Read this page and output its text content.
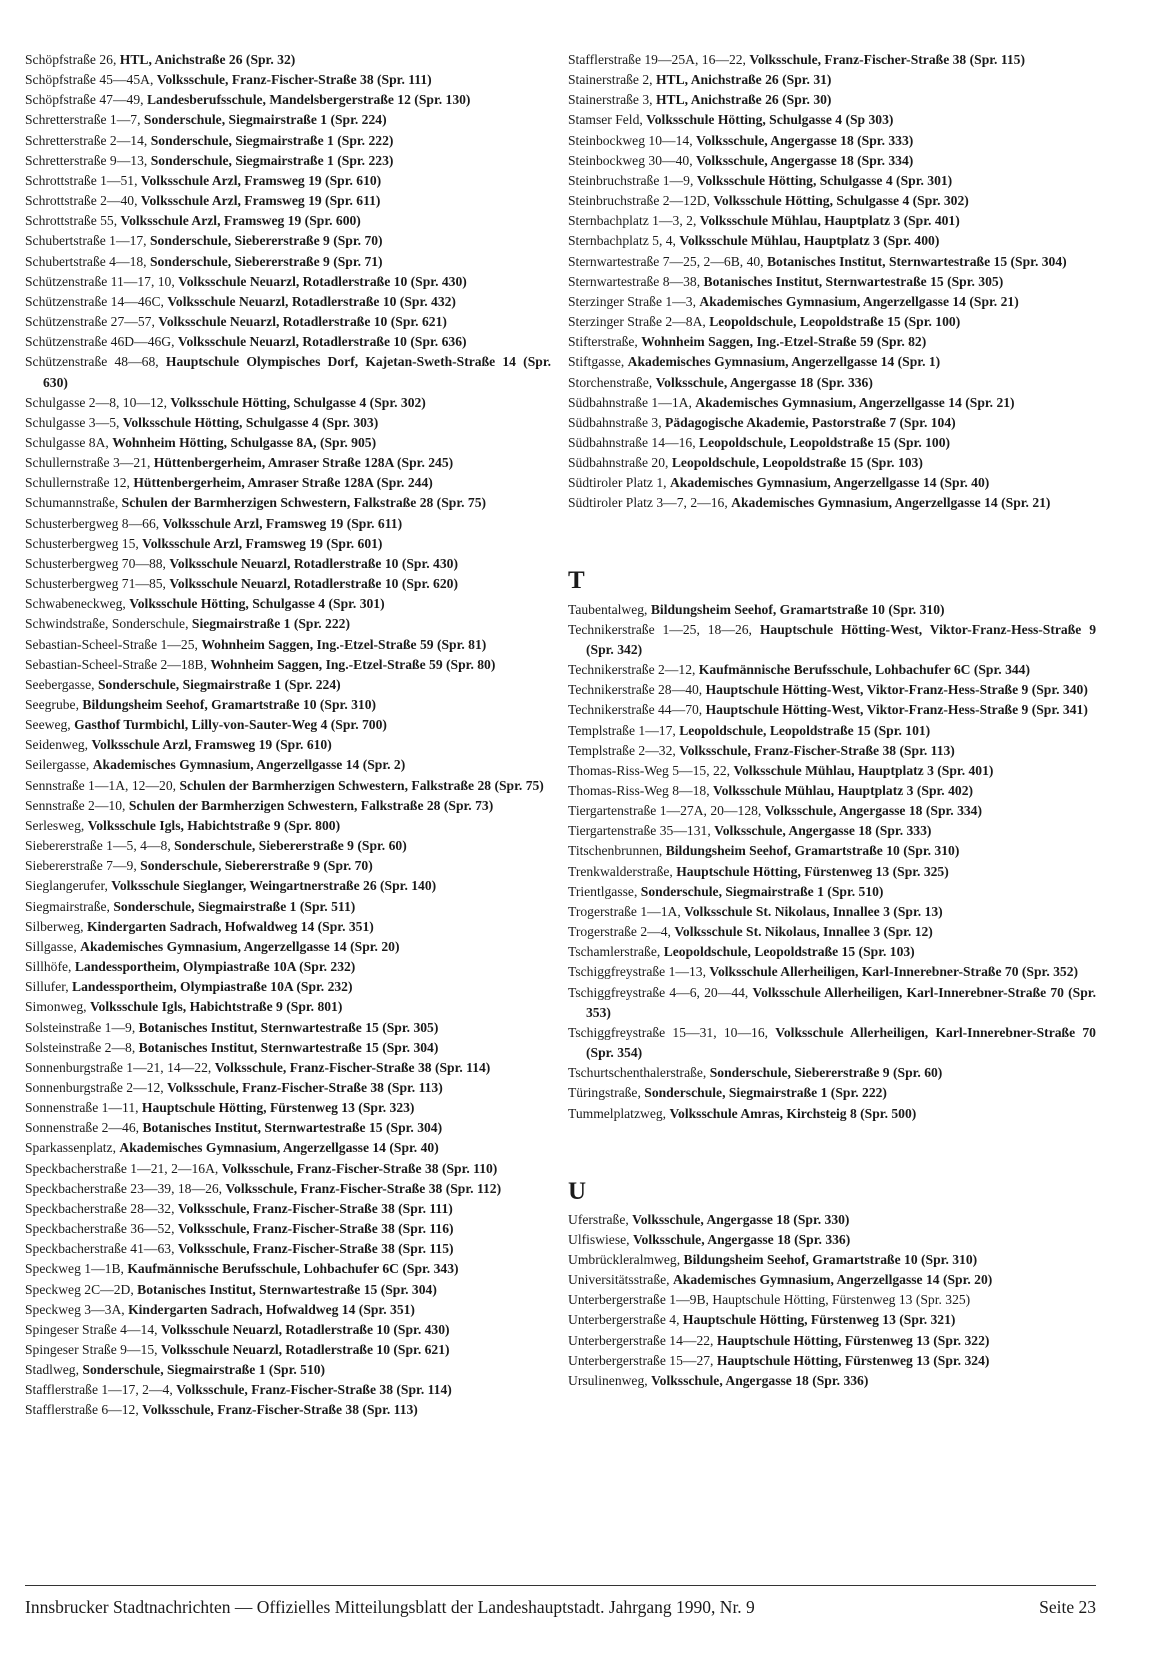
Schöpfstraße 26, HTL, Anichstraße 26 (Spr. 32)
Schöpfstraße 45—45A, Volksschule, Franz-Fischer-Straße 38 (Spr. 111)
Schöpfstraße 47—49, Landesberufsschule, Mandelsbergerstraße 12 (Spr. 130)
Schretterstraße 1—7, Sonderschule, Siegmairstraße 1 (Spr. 224)
Schretterstraße 2—14, Sonderschule, Siegmairstraße 1 (Spr. 222)
Schretterstraße 9—13, Sonderschule, Siegmairstraße 1 (Spr. 223)
Schrottstraße 1—51, Volksschule Arzl, Framsweg 19 (Spr. 610)
Schrottstraße 2—40, Volksschule Arzl, Framsweg 19 (Spr. 611)
Schrottstraße 55, Volksschule Arzl, Framsweg 19 (Spr. 600)
Schubertstraße 1—17, Sonderschule, Siebererstraße 9 (Spr. 70)
Schubertstraße 4—18, Sonderschule, Siebererstraße 9 (Spr. 71)
Schützenstraße 11—17, 10, Volksschule Neuarzl, Rotadlerstraße 10 (Spr. 430)
Schützenstraße 14—46C, Volksschule Neuarzl, Rotadlerstraße 10 (Spr. 432)
Schützenstraße 27—57, Volksschule Neuarzl, Rotadlerstraße 10 (Spr. 621)
Schützenstraße 46D—46G, Volksschule Neuarzl, Rotadlerstraße 10 (Spr. 636)
Schützenstraße 48—68, Hauptschule Olympisches Dorf, Kajetan-Sweth-Straße 14 (Spr. 630)
Schulgasse 2—8, 10—12, Volksschule Hötting, Schulgasse 4 (Spr. 302)
Schulgasse 3—5, Volksschule Hötting, Schulgasse 4 (Spr. 303)
Schulgasse 8A, Wohnheim Hötting, Schulgasse 8A, (Spr. 905)
Schullernstraße 3—21, Hüttenbergerheim, Amraser Straße 128A (Spr. 245)
Schullernstraße 12, Hüttenbergerheim, Amraser Straße 128A (Spr. 244)
Schumannstraße, Schulen der Barmherzigen Schwestern, Falkstraße 28 (Spr. 75)
Schusterbergweg 8—66, Volksschule Arzl, Framsweg 19 (Spr. 611)
Schusterbergweg 15, Volksschule Arzl, Framsweg 19 (Spr. 601)
Schusterbergweg 70—88, Volksschule Neuarzl, Rotadlerstraße 10 (Spr. 430)
Schusterbergweg 71—85, Volksschule Neuarzl, Rotadlerstraße 10 (Spr. 620)
Schwabeneckweg, Volksschule Hötting, Schulgasse 4 (Spr. 301)
Schwindstraße, Sonderschule, Siegmairstraße 1 (Spr. 222)
Sebastian-Scheel-Straße 1—25, Wohnheim Saggen, Ing.-Etzel-Straße 59 (Spr. 81)
Sebastian-Scheel-Straße 2—18B, Wohnheim Saggen, Ing.-Etzel-Straße 59 (Spr. 80)
Seebergasse, Sonderschule, Siegmairstraße 1 (Spr. 224)
Seegrube, Bildungsheim Seehof, Gramartstraße 10 (Spr. 310)
Seeweg, Gasthof Turmbichl, Lilly-von-Sauter-Weg 4 (Spr. 700)
Seidenweg, Volksschule Arzl, Framsweg 19 (Spr. 610)
Seilergasse, Akademisches Gymnasium, Angerzellgasse 14 (Spr. 2)
Sennstraße 1—1A, 12—20, Schulen der Barmherzigen Schwestern, Falkstraße 28 (Spr. 75)
Sennstraße 2—10, Schulen der Barmherzigen Schwestern, Falkstraße 28 (Spr. 73)
Serlesweg, Volksschule Igls, Habichtstraße 9 (Spr. 800)
Siebererstraße 1—5, 4—8, Sonderschule, Siebererstraße 9 (Spr. 60)
Siebererstraße 7—9, Sonderschule, Siebererstraße 9 (Spr. 70)
Sieglangerufer, Volksschule Sieglanger, Weingartnerstraße 26 (Spr. 140)
Siegmairstraße, Sonderschule, Siegmairstraße 1 (Spr. 511)
Silberweg, Kindergarten Sadrach, Hofwaldweg 14 (Spr. 351)
Sillgasse, Akademisches Gymnasium, Angerzellgasse 14 (Spr. 20)
Sillhöfe, Landessportheim, Olympiastraße 10A (Spr. 232)
Sillufer, Landessportheim, Olympiastraße 10A (Spr. 232)
Simonweg, Volksschule Igls, Habichtstraße 9 (Spr. 801)
Solsteinstraße 1—9, Botanisches Institut, Sternwartestraße 15 (Spr. 305)
Solsteinstraße 2—8, Botanisches Institut, Sternwartestraße 15 (Spr. 304)
Sonnenburgstraße 1—21, 14—22, Volksschule, Franz-Fischer-Straße 38 (Spr. 114)
Sonnenburgstraße 2—12, Volksschule, Franz-Fischer-Straße 38 (Spr. 113)
Sonnenstraße 1—11, Hauptschule Hötting, Fürstenweg 13 (Spr. 323)
Sonnenstraße 2—46, Botanisches Institut, Sternwartestraße 15 (Spr. 304)
Sparkassenplatz, Akademisches Gymnasium, Angerzellgasse 14 (Spr. 40)
Speckbacherstraße 1—21, 2—16A, Volksschule, Franz-Fischer-Straße 38 (Spr. 110)
Speckbacherstraße 23—39, 18—26, Volksschule, Franz-Fischer-Straße 38 (Spr. 112)
Speckbacherstraße 28—32, Volksschule, Franz-Fischer-Straße 38 (Spr. 111)
Speckbacherstraße 36—52, Volksschule, Franz-Fischer-Straße 38 (Spr. 116)
Speckbacherstraße 41—63, Volksschule, Franz-Fischer-Straße 38 (Spr. 115)
Speckweg 1—1B, Kaufmännische Berufsschule, Lohbachufer 6C (Spr. 343)
Speckweg 2C—2D, Botanisches Institut, Sternwartestraße 15 (Spr. 304)
Speckweg 3—3A, Kindergarten Sadrach, Hofwaldweg 14 (Spr. 351)
Spingeser Straße 4—14, Volksschule Neuarzl, Rotadlerstraße 10 (Spr. 430)
Spingeser Straße 9—15, Volksschule Neuarzl, Rotadlerstraße 10 (Spr. 621)
Stadlweg, Sonderschule, Siegmairstraße 1 (Spr. 510)
Stafflerstraße 1—17, 2—4, Volksschule, Franz-Fischer-Straße 38 (Spr. 114)
Stafflerstraße 6—12, Volksschule, Franz-Fischer-Straße 38 (Spr. 113)
Stafflerstraße 19—25A, 16—22, Volksschule, Franz-Fischer-Straße 38 (Spr. 115)
Stainerstraße 2, HTL, Anichstraße 26 (Spr. 31)
Stainerstraße 3, HTL, Anichstraße 26 (Spr. 30)
Stamser Feld, Volksschule Hötting, Schulgasse 4 (Sp 303)
Steinbockweg 10—14, Volksschule, Angergasse 18 (Spr. 333)
Steinbockweg 30—40, Volksschule, Angergasse 18 (Spr. 334)
Steinbruchstraße 1—9, Volksschule Hötting, Schulgasse 4 (Spr. 301)
Steinbruchstraße 2—12D, Volksschule Hötting, Schulgasse 4 (Spr. 302)
Sternbachplatz 1—3, 2, Volksschule Mühlau, Hauptplatz 3 (Spr. 401)
Sternbachplatz 5, 4, Volksschule Mühlau, Hauptplatz 3 (Spr. 400)
Sternwartestraße 7—25, 2—6B, 40, Botanisches Institut, Sternwartestraße 15 (Spr. 304)
Sternwartestraße 8—38, Botanisches Institut, Sternwartestraße 15 (Spr. 305)
Sterzinger Straße 1—3, Akademisches Gymnasium, Angerzellgasse 14 (Spr. 21)
Sterzinger Straße 2—8A, Leopoldschule, Leopoldstraße 15 (Spr. 100)
Stifterstraße, Wohnheim Saggen, Ing.-Etzel-Straße 59 (Spr. 82)
Stiftgasse, Akademisches Gymnasium, Angerzellgasse 14 (Spr. 1)
Storchenstraße, Volksschule, Angergasse 18 (Spr. 336)
Südbahnstraße 1—1A, Akademisches Gymnasium, Angerzellgasse 14 (Spr. 21)
Südbahnstraße 3, Pädagogische Akademie, Pastorstraße 7 (Spr. 104)
Südbahnstraße 14—16, Leopoldschule, Leopoldstraße 15 (Spr. 100)
Südbahnstraße 20, Leopoldschule, Leopoldstraße 15 (Spr. 103)
Südtiroler Platz 1, Akademisches Gymnasium, Angerzellgasse 14 (Spr. 40)
Südtiroler Platz 3—7, 2—16, Akademisches Gymnasium, Angerzellgasse 14 (Spr. 21)
T
Taubentalweg, Bildungsheim Seehof, Gramartstraße 10 (Spr. 310)
Technikerstraße 1—25, 18—26, Hauptschule Hötting-West, Viktor-Franz-Hess-Straße 9 (Spr. 342)
Technikerstraße 2—12, Kaufmännische Berufsschule, Lohbachufer 6C (Spr. 344)
Technikerstraße 28—40, Hauptschule Hötting-West, Viktor-Franz-Hess-Straße 9 (Spr. 340)
Technikerstraße 44—70, Hauptschule Hötting-West, Viktor-Franz-Hess-Straße 9 (Spr. 341)
Templstraße 1—17, Leopoldschule, Leopoldstraße 15 (Spr. 101)
Templstraße 2—32, Volksschule, Franz-Fischer-Straße 38 (Spr. 113)
Thomas-Riss-Weg 5—15, 22, Volksschule Mühlau, Hauptplatz 3 (Spr. 401)
Thomas-Riss-Weg 8—18, Volksschule Mühlau, Hauptplatz 3 (Spr. 402)
Tiergartenstraße 1—27A, 20—128, Volksschule, Angergasse 18 (Spr. 334)
Tiergartenstraße 35—131, Volksschule, Angergasse 18 (Spr. 333)
Titschenbrunnen, Bildungsheim Seehof, Gramartstraße 10 (Spr. 310)
Trenkwalderstraße, Hauptschule Hötting, Fürstenweg 13 (Spr. 325)
Trientlgasse, Sonderschule, Siegmairstraße 1 (Spr. 510)
Trogerstraße 1—1A, Volksschule St. Nikolaus, Innallee 3 (Spr. 13)
Trogerstraße 2—4, Volksschule St. Nikolaus, Innallee 3 (Spr. 12)
Tschamlerstraße, Leopoldschule, Leopoldstraße 15 (Spr. 103)
Tschiggfreystraße 1—13, Volksschule Allerheiligen, Karl-Innerebner-Straße 70 (Spr. 352)
Tschiggfreystraße 4—6, 20—44, Volksschule Allerheiligen, Karl-Innerebner-Straße 70 (Spr. 353)
Tschiggfreystraße 15—31, 10—16, Volksschule Allerheiligen, Karl-Innerebner-Straße 70 (Spr. 354)
Tschurtschenthalerstraße, Sonderschule, Siebererstraße 9 (Spr. 60)
Türingstraße, Sonderschule, Siegmairstraße 1 (Spr. 222)
Tummelplatzweg, Volksschule Amras, Kirchsteig 8 (Spr. 500)
U
Uferstraße, Volksschule, Angergasse 18 (Spr. 330)
Ulfiswiese, Volksschule, Angergasse 18 (Spr. 336)
Umbrückleralmweg, Bildungsheim Seehof, Gramartstraße 10 (Spr. 310)
Universitätsstraße, Akademisches Gymnasium, Angerzellgasse 14 (Spr. 20)
Unterbergerstraße 1—9B, Hauptschule Hötting, Fürstenweg 13 (Spr. 325)
Unterbergerstraße 4, Hauptschule Hötting, Fürstenweg 13 (Spr. 321)
Unterbergerstraße 14—22, Hauptschule Hötting, Fürstenweg 13 (Spr. 322)
Unterbergerstraße 15—27, Hauptschule Hötting, Fürstenweg 13 (Spr. 324)
Ursulinenweg, Volksschule, Angergasse 18 (Spr. 336)
Innsbrucker Stadtnachrichten — Offizielles Mitteilungsblatt der Landeshauptstadt. Jahrgang 1990, Nr. 9	Seite 23
